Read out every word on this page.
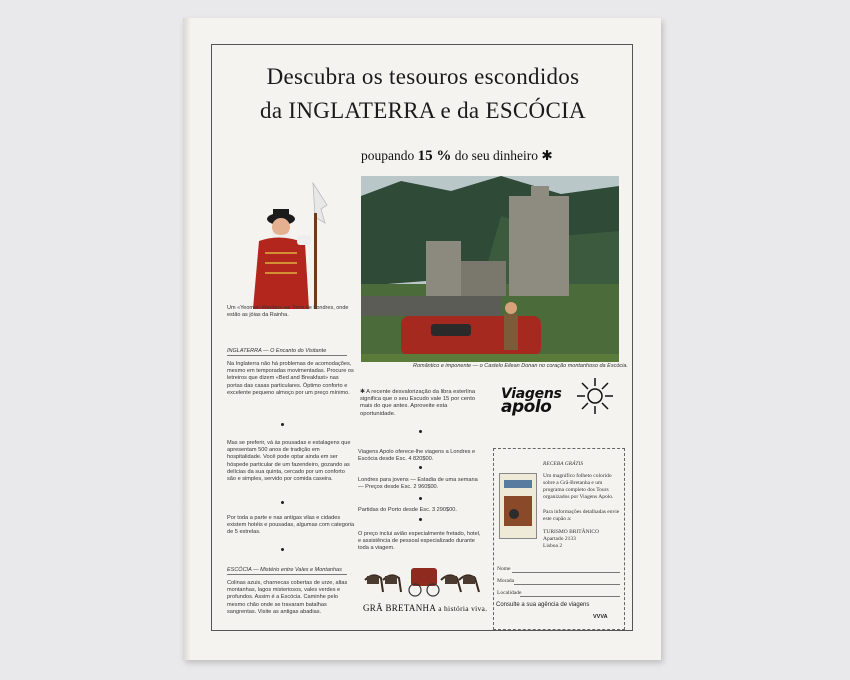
Descubra os tesouros escondidos
da INGLATERRA e da ESCÓCIA
poupando 15 % do seu dinheiro ✱
Um «Yeoman Warder» na Torre de Londres, onde estão as jóias da Rainha.
Romântico e imponente — o Castelo Eilean Donan no coração montanhoso da Escócia.
INGLATERRA — O Encanto do Visitante
Na Inglaterra não há problemas de acomodações, mesmo em temporadas movimentadas. Procure os letreiros que dizem «Bed and Breakfast» nas portas das casas particulares. Óptimo conforto e excelente pequeno almoço por um preço mínimo.
Mas se preferir, vá às pousadas e estalagens que apresentam 500 anos de tradição em hospitalidade. Você pode optar ainda em ser hóspede particular de um fazendeiro, gozando as delícias da sua quinta, cercado por um conforto são e simples, servido por comida caseira.
Por toda a parte e nas antigas vilas e cidades existem hotéis e pousadas, algumas com categoria de 5 estrelas.
ESCÓCIA — Mistério entre Vales e Montanhas
Colinas azuis, charnecas cobertas de urze, altas montanhas, lagos misteriosos, vales verdes e profundos. Assim é a Escócia. Caminhe pelo mesmo chão onde se travaram batalhas sangrentas. Visite as antigas abadias.
✱ A recente desvalorização da libra esterlina significa que o seu Escudo vale 15 por cento mais do que antes. Aproveite esta oportunidade.
Viagens Apolo oferece-lhe viagens a Londres e Escócia desde Esc. 4 820$00.
Londres para jovens — Estadia de uma semana — Preços desde Esc. 2 960$00.
Partidas do Porto desde Esc. 3 290$00.
O preço inclui avião especialmente fretado, hotel, e assistência de pessoal especializado durante toda a viagem.
Viagens
apolo
RECEBA GRÁTIS
Um magnífico folheto colorido sobre a Grã-Bretanha e um programa completo dos Tours organizados por Viagens Apolo.
Para informações detalhadas envie este cupão a:
TURISMO BRITÂNICO
Apartado 2133
Lisboa 2
Nome
Morada
Localidade
GRÃ BRETANHA a história viva. Consulte a sua agência de viagens
VVVA
